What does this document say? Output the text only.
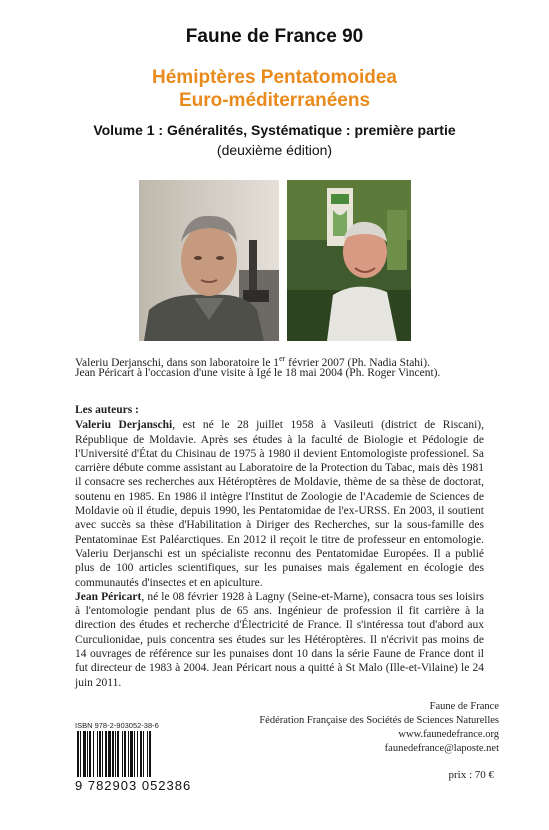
Faune de France 90
Hémiptères Pentatomoidea
Euro-méditerranéens
Volume 1 : Généralités, Systématique : première partie
(deuxième édition)
Valeriu Derjanschi, dans son laboratoire le 1er février 2007 (Ph. Nadia Stahi).
Jean Péricart à l'occasion d'une visite à Igé le 18 mai 2004 (Ph. Roger Vincent).

Les auteurs :

Valeriu Derjanschi, est né le 28 juillet 1958 à Vasileuti (district de Riscani), République de Moldavie. Après ses études à la faculté de Biologie et Pédologie de l'Université d'État du Chisinau de 1975 à 1980 il devient Entomologiste professionel. Sa carrière débute comme assistant au Laboratoire de la Protection du Tabac, mais dès 1981 il consacre ses recherches aux Hétéroptères de Moldavie, thème de sa thèse de doctorat, soutenu en 1985. En 1986 il intègre l'Institut de Zoologie de l'Academie de Sciences de Moldavie où il étudie, depuis 1990, les Pentatomidae de l'ex-URSS. En 2003, il soutient avec succès sa thèse d'Habilitation à Diriger des Recherches, sur la sous-famille des Pentatominae Est Paléarctiques. En 2012 il reçoit le titre de professeur en entomologie. Valeriu Derjanschi est un spécialiste reconnu des Pentatomidae Europées. Il a publié plus de 100 articles scientifiques, sur les punaises mais également en écologie des communautés d'insectes et en apiculture.

Jean Péricart, né le 08 février 1928 à Lagny (Seine-et-Marne), consacra tous ses loisirs à l'entomologie pendant plus de 65 ans. Ingénieur de profession il fit carrière à la direction des études et recherche d'Électricité de France. Il s'intéressa tout d'abord aux Curculionidae, puis concentra ses études sur les Hétéroptères. Il n'écrivit pas moins de 14 ouvrages de référence sur les punaises dont 10 dans la série Faune de France dont il fut directeur de 1983 à 2004. Jean Péricart nous a quitté à St Malo (Ille-et-Vilaine) le 24 juin 2011.

Faune de France
Fédération Française des Sociétés de Sciences Naturelles
www.faunedefrance.org
faunedefrance@laposte.net
ISBN 978-2-903052-38-6
9 782903 052386
prix : 70 €
